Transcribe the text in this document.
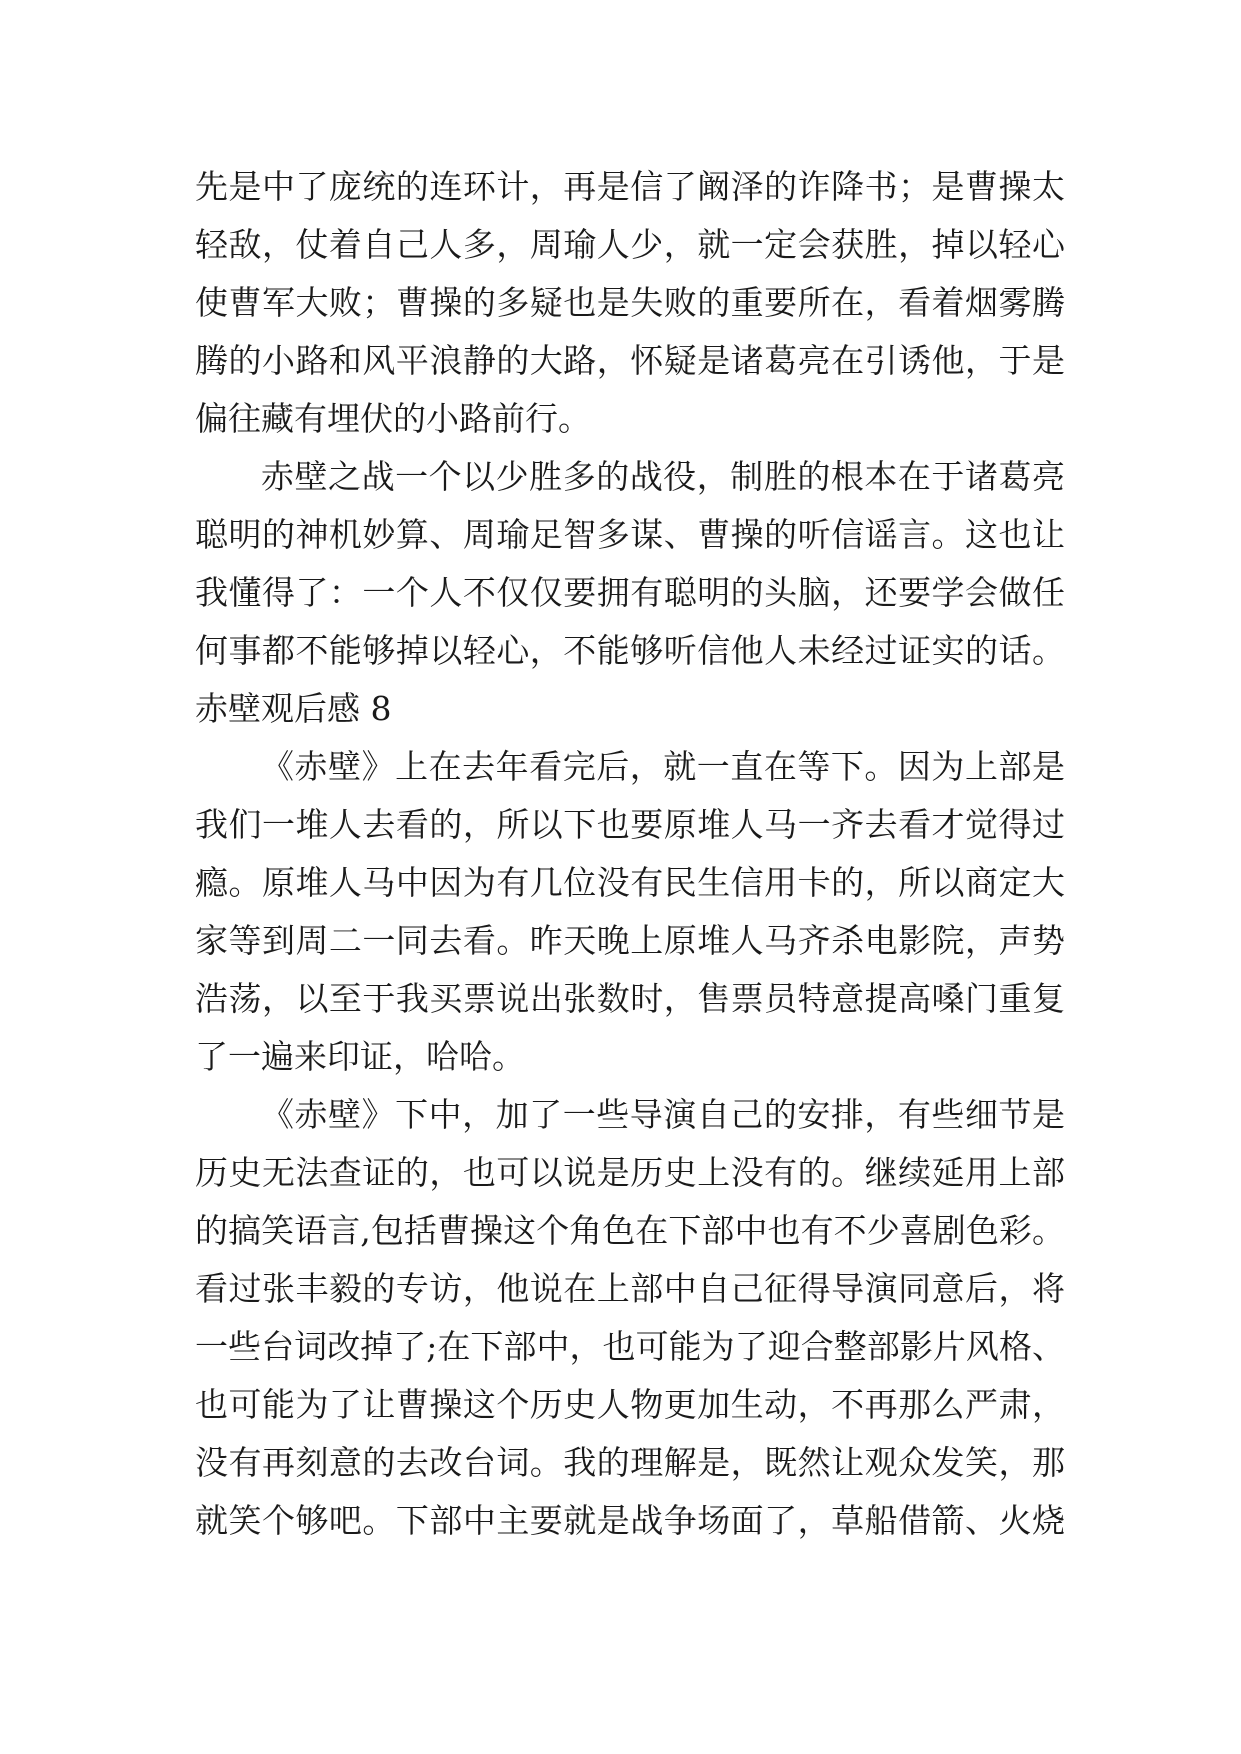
先是中了庞统的连环计，再是信了阚泽的诈降书；是曹操太
轻敌，仗着自己人多，周瑜人少，就一定会获胜，掉以轻心
使曹军大败；曹操的多疑也是失败的重要所在，看着烟雾腾
腾的小路和风平浪静的大路，怀疑是诸葛亮在引诱他，于是
偏往藏有埋伏的小路前行。
赤壁之战一个以少胜多的战役，制胜的根本在于诸葛亮
聪明的神机妙算、周瑜足智多谋、曹操的听信谣言。这也让
我懂得了：一个人不仅仅要拥有聪明的头脑，还要学会做任
何事都不能够掉以轻心，不能够听信他人未经过证实的话。
赤壁观后感 8
《赤壁》上在去年看完后，就一直在等下。因为上部是
我们一堆人去看的，所以下也要原堆人马一齐去看才觉得过
瘾。原堆人马中因为有几位没有民生信用卡的，所以商定大
家等到周二一同去看。昨天晚上原堆人马齐杀电影院，声势
浩荡，以至于我买票说出张数时，售票员特意提高嗓门重复
了一遍来印证，哈哈。
《赤壁》下中，加了一些导演自己的安排，有些细节是
历史无法查证的，也可以说是历史上没有的。继续延用上部
的搞笑语言,包括曹操这个角色在下部中也有不少喜剧色彩。
看过张丰毅的专访，他说在上部中自己征得导演同意后，将
一些台词改掉了;在下部中，也可能为了迎合整部影片风格、
也可能为了让曹操这个历史人物更加生动，不再那么严肃，
没有再刻意的去改台词。我的理解是，既然让观众发笑，那
就笑个够吧。下部中主要就是战争场面了，草船借箭、火烧
